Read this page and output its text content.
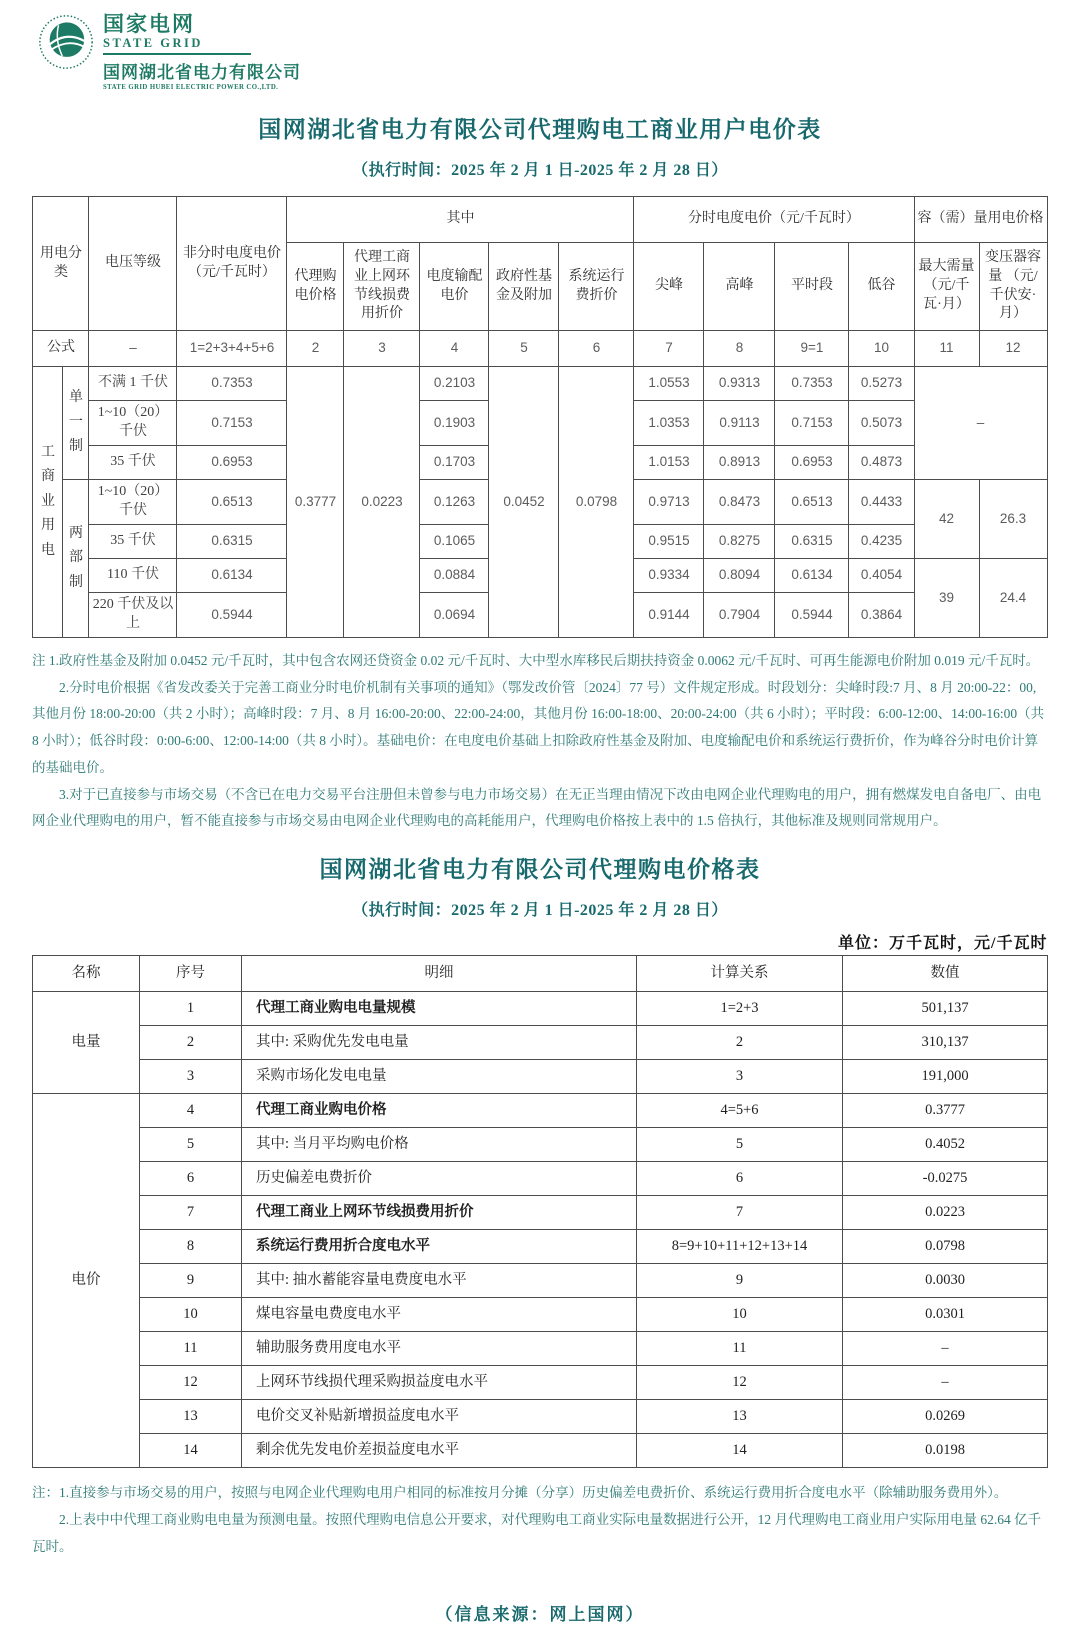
国家电网
STATE GRID
国网湖北省电力有限公司
STATE GRID HUBEI ELECTRIC POWER CO.,LTD.
国网湖北省电力有限公司代理购电工商业用户电价表
（执行时间：2025 年 2 月 1 日-2025 年 2 月 28 日）
用电分类		电压等级	非分时电度电价 （元/千瓦时）	其中					分时电度电价（元/千瓦时）				容（需）量用电价格	
				代理购电价格	代理工商业上网环节线损费用折价	电度输配电价	政府性基金及附加	系统运行费折价	尖峰	高峰	平时段	低谷	最大需量 （元/千瓦·月）	变压器容量 （元/千伏安·月）
公式		–	1=2+3+4+5+6	2	3	4	5	6	7	8	9=1	10	11	12
工商业用电	单一制	不满 1 千伏	0.7353	0.3777	0.0223	0.2103	0.0452	0.0798	1.0553	0.9313	0.7353	0.5273	–	
		1~10（20）千伏	0.7153			0.1903			1.0353	0.9113	0.7153	0.5073		
		35 千伏	0.6953			0.1703			1.0153	0.8913	0.6953	0.4873		
	两部制	1~10（20）千伏	0.6513			0.1263			0.9713	0.8473	0.6513	0.4433	42	26.3
		35 千伏	0.6315			0.1065			0.9515	0.8275	0.6315	0.4235		
		110 千伏	0.6134			0.0884			0.9334	0.8094	0.6134	0.4054	39	24.4
		220 千伏及以上	0.5944			0.0694			0.9144	0.7904	0.5944	0.3864		

注 1.政府性基金及附加 0.0452 元/千瓦时，其中包含农网还贷资金 0.02 元/千瓦时、大中型水库移民后期扶持资金 0.0062 元/千瓦时、可再生能源电价附加 0.019 元/千瓦时。

2.分时电价根据《省发改委关于完善工商业分时电价机制有关事项的通知》（鄂发改价管〔2024〕77 号）文件规定形成。时段划分：尖峰时段:7 月、8 月 20:00-22：00, 其他月份 18:00-20:00（共 2 小时）；高峰时段：7 月、8 月 16:00-20:00、22:00-24:00，其他月份 16:00-18:00、20:00-24:00（共 6 小时）；平时段：6:00-12:00、14:00-16:00（共 8 小时）；低谷时段：0:00-6:00、12:00-14:00（共 8 小时）。基础电价：在电度电价基础上扣除政府性基金及附加、电度输配电价和系统运行费折价，作为峰谷分时电价计算的基础电价。

3.对于已直接参与市场交易（不含已在电力交易平台注册但未曾参与电力市场交易）在无正当理由情况下改由电网企业代理购电的用户，拥有燃煤发电自备电厂、由电网企业代理购电的用户，暂不能直接参与市场交易由电网企业代理购电的高耗能用户，代理购电价格按上表中的 1.5 倍执行，其他标准及规则同常规用户。

国网湖北省电力有限公司代理购电价格表
（执行时间：2025 年 2 月 1 日-2025 年 2 月 28 日）
单位：万千瓦时，元/千瓦时
名称	序号	明细	计算关系	数值
电量	1	代理工商业购电电量规模	1=2+3	501,137
	2	其中: 采购优先发电电量	2	310,137
	3	采购市场化发电电量	3	191,000
电价	4	代理工商业购电价格	4=5+6	0.3777
	5	其中: 当月平均购电价格	5	0.4052
	6	历史偏差电费折价	6	-0.0275
	7	代理工商业上网环节线损费用折价	7	0.0223
	8	系统运行费用折合度电水平	8=9+10+11+12+13+14	0.0798
	9	其中: 抽水蓄能容量电费度电水平	9	0.0030
	10	煤电容量电费度电水平	10	0.0301
	11	辅助服务费用度电水平	11	–
	12	上网环节线损代理采购损益度电水平	12	–
	13	电价交叉补贴新增损益度电水平	13	0.0269
	14	剩余优先发电价差损益度电水平	14	0.0198

注：1.直接参与市场交易的用户，按照与电网企业代理购电用户相同的标准按月分摊（分享）历史偏差电费折价、系统运行费用折合度电水平（除辅助服务费用外）。

2.上表中中代理工商业购电电量为预测电量。按照代理购电信息公开要求，对代理购电工商业实际电量数据进行公开，12 月代理购电工商业用户实际用电量 62.64 亿千瓦时。

（信息来源：网上国网）
